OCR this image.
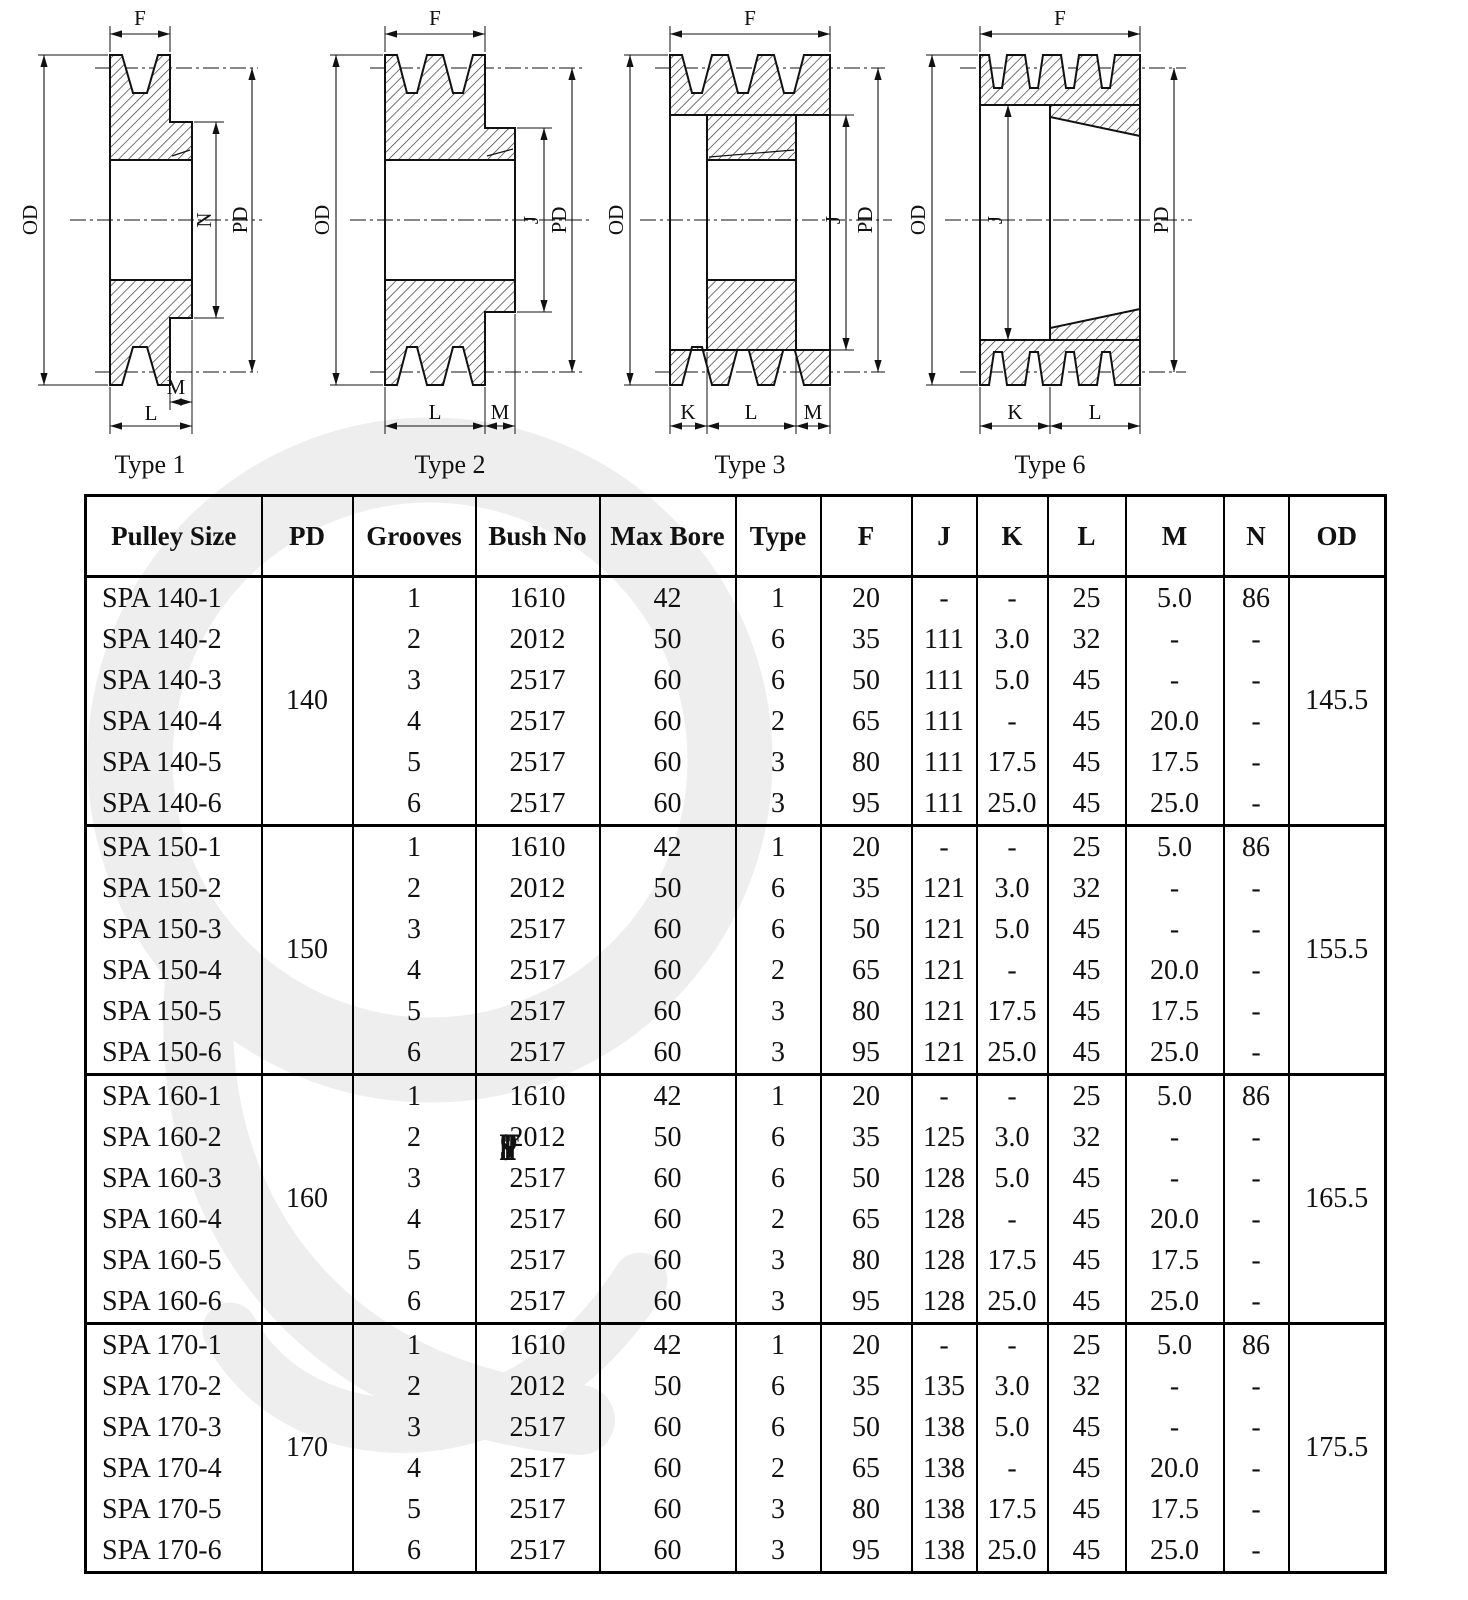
SHPT
F
OD	N PD
M
L
Type 1
F
OD	J PD
L M
Type 2
F
OD	J PD
K L M
Type 3
F
OD	J	PD
K	L
Type 6
Pulley Size	PD	Grooves	Bush No	Max Bore	Type	F	J	K	L	M	N	OD
SPA 140-1	140	1	1610	42	1	20	-	-	25	5.0	86	145.5
SPA 140-2		2	2012	50	6	35	111	3.0	32	-	-	
SPA 140-3		3	2517	60	6	50	111	5.0	45	-	-	
SPA 140-4		4	2517	60	2	65	111	-	45	20.0	-	
SPA 140-5		5	2517	60	3	80	111	17.5	45	17.5	-	
SPA 140-6		6	2517	60	3	95	111	25.0	45	25.0	-	
SPA 150-1	150	1	1610	42	1	20	-	-	25	5.0	86	155.5
SPA 150-2		2	2012	50	6	35	121	3.0	32	-	-	
SPA 150-3		3	2517	60	6	50	121	5.0	45	-	-	
SPA 150-4		4	2517	60	2	65	121	-	45	20.0	-	
SPA 150-5		5	2517	60	3	80	121	17.5	45	17.5	-	
SPA 150-6		6	2517	60	3	95	121	25.0	45	25.0	-	
SPA 160-1	160	1	1610	42	1	20	-	-	25	5.0	86	165.5
SPA 160-2		2	2012	50	6	35	125	3.0	32	-	-	
SPA 160-3		3	2517	60	6	50	128	5.0	45	-	-	
SPA 160-4		4	2517	60	2	65	128	-	45	20.0	-	
SPA 160-5		5	2517	60	3	80	128	17.5	45	17.5	-	
SPA 160-6		6	2517	60	3	95	128	25.0	45	25.0	-	
SPA 170-1	170	1	1610	42	1	20	-	-	25	5.0	86	175.5
SPA 170-2		2	2012	50	6	35	135	3.0	32	-	-	
SPA 170-3		3	2517	60	6	50	138	5.0	45	-	-	
SPA 170-4		4	2517	60	2	65	138	-	45	20.0	-	
SPA 170-5		5	2517	60	3	80	138	17.5	45	17.5	-	
SPA 170-6		6	2517	60	3	95	138	25.0	45	25.0	-	
